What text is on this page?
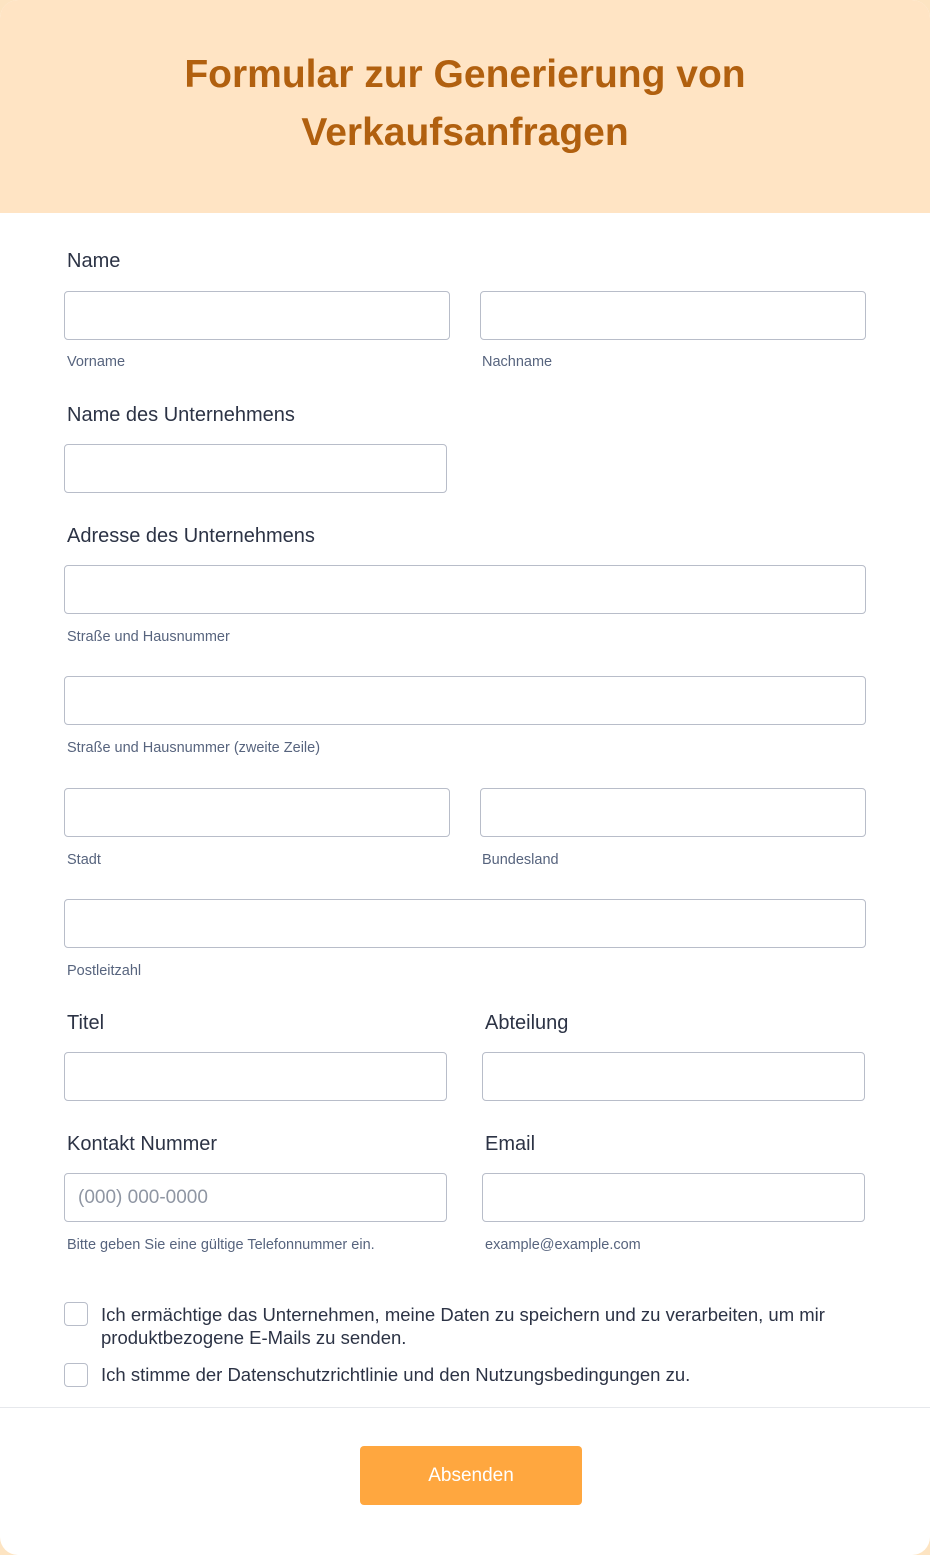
Formular zur Generierung von Verkaufsanfragen
Name
Vorname	Nachname
Name des Unternehmens
Adresse des Unternehmens
Straße und Hausnummer
Straße und Hausnummer (zweite Zeile)
Stadt	Bundesland
Postleitzahl
Titel	Abteilung
Kontakt Nummer	Email
(000) 000-0000
Bitte geben Sie eine gültige Telefonnummer ein.	example@example.com
Ich ermächtige das Unternehmen, meine Daten zu speichern und zu verarbeiten, um mir produktbezogene E-Mails zu senden.
Ich stimme der Datenschutzrichtlinie und den Nutzungsbedingungen zu.
Absenden
